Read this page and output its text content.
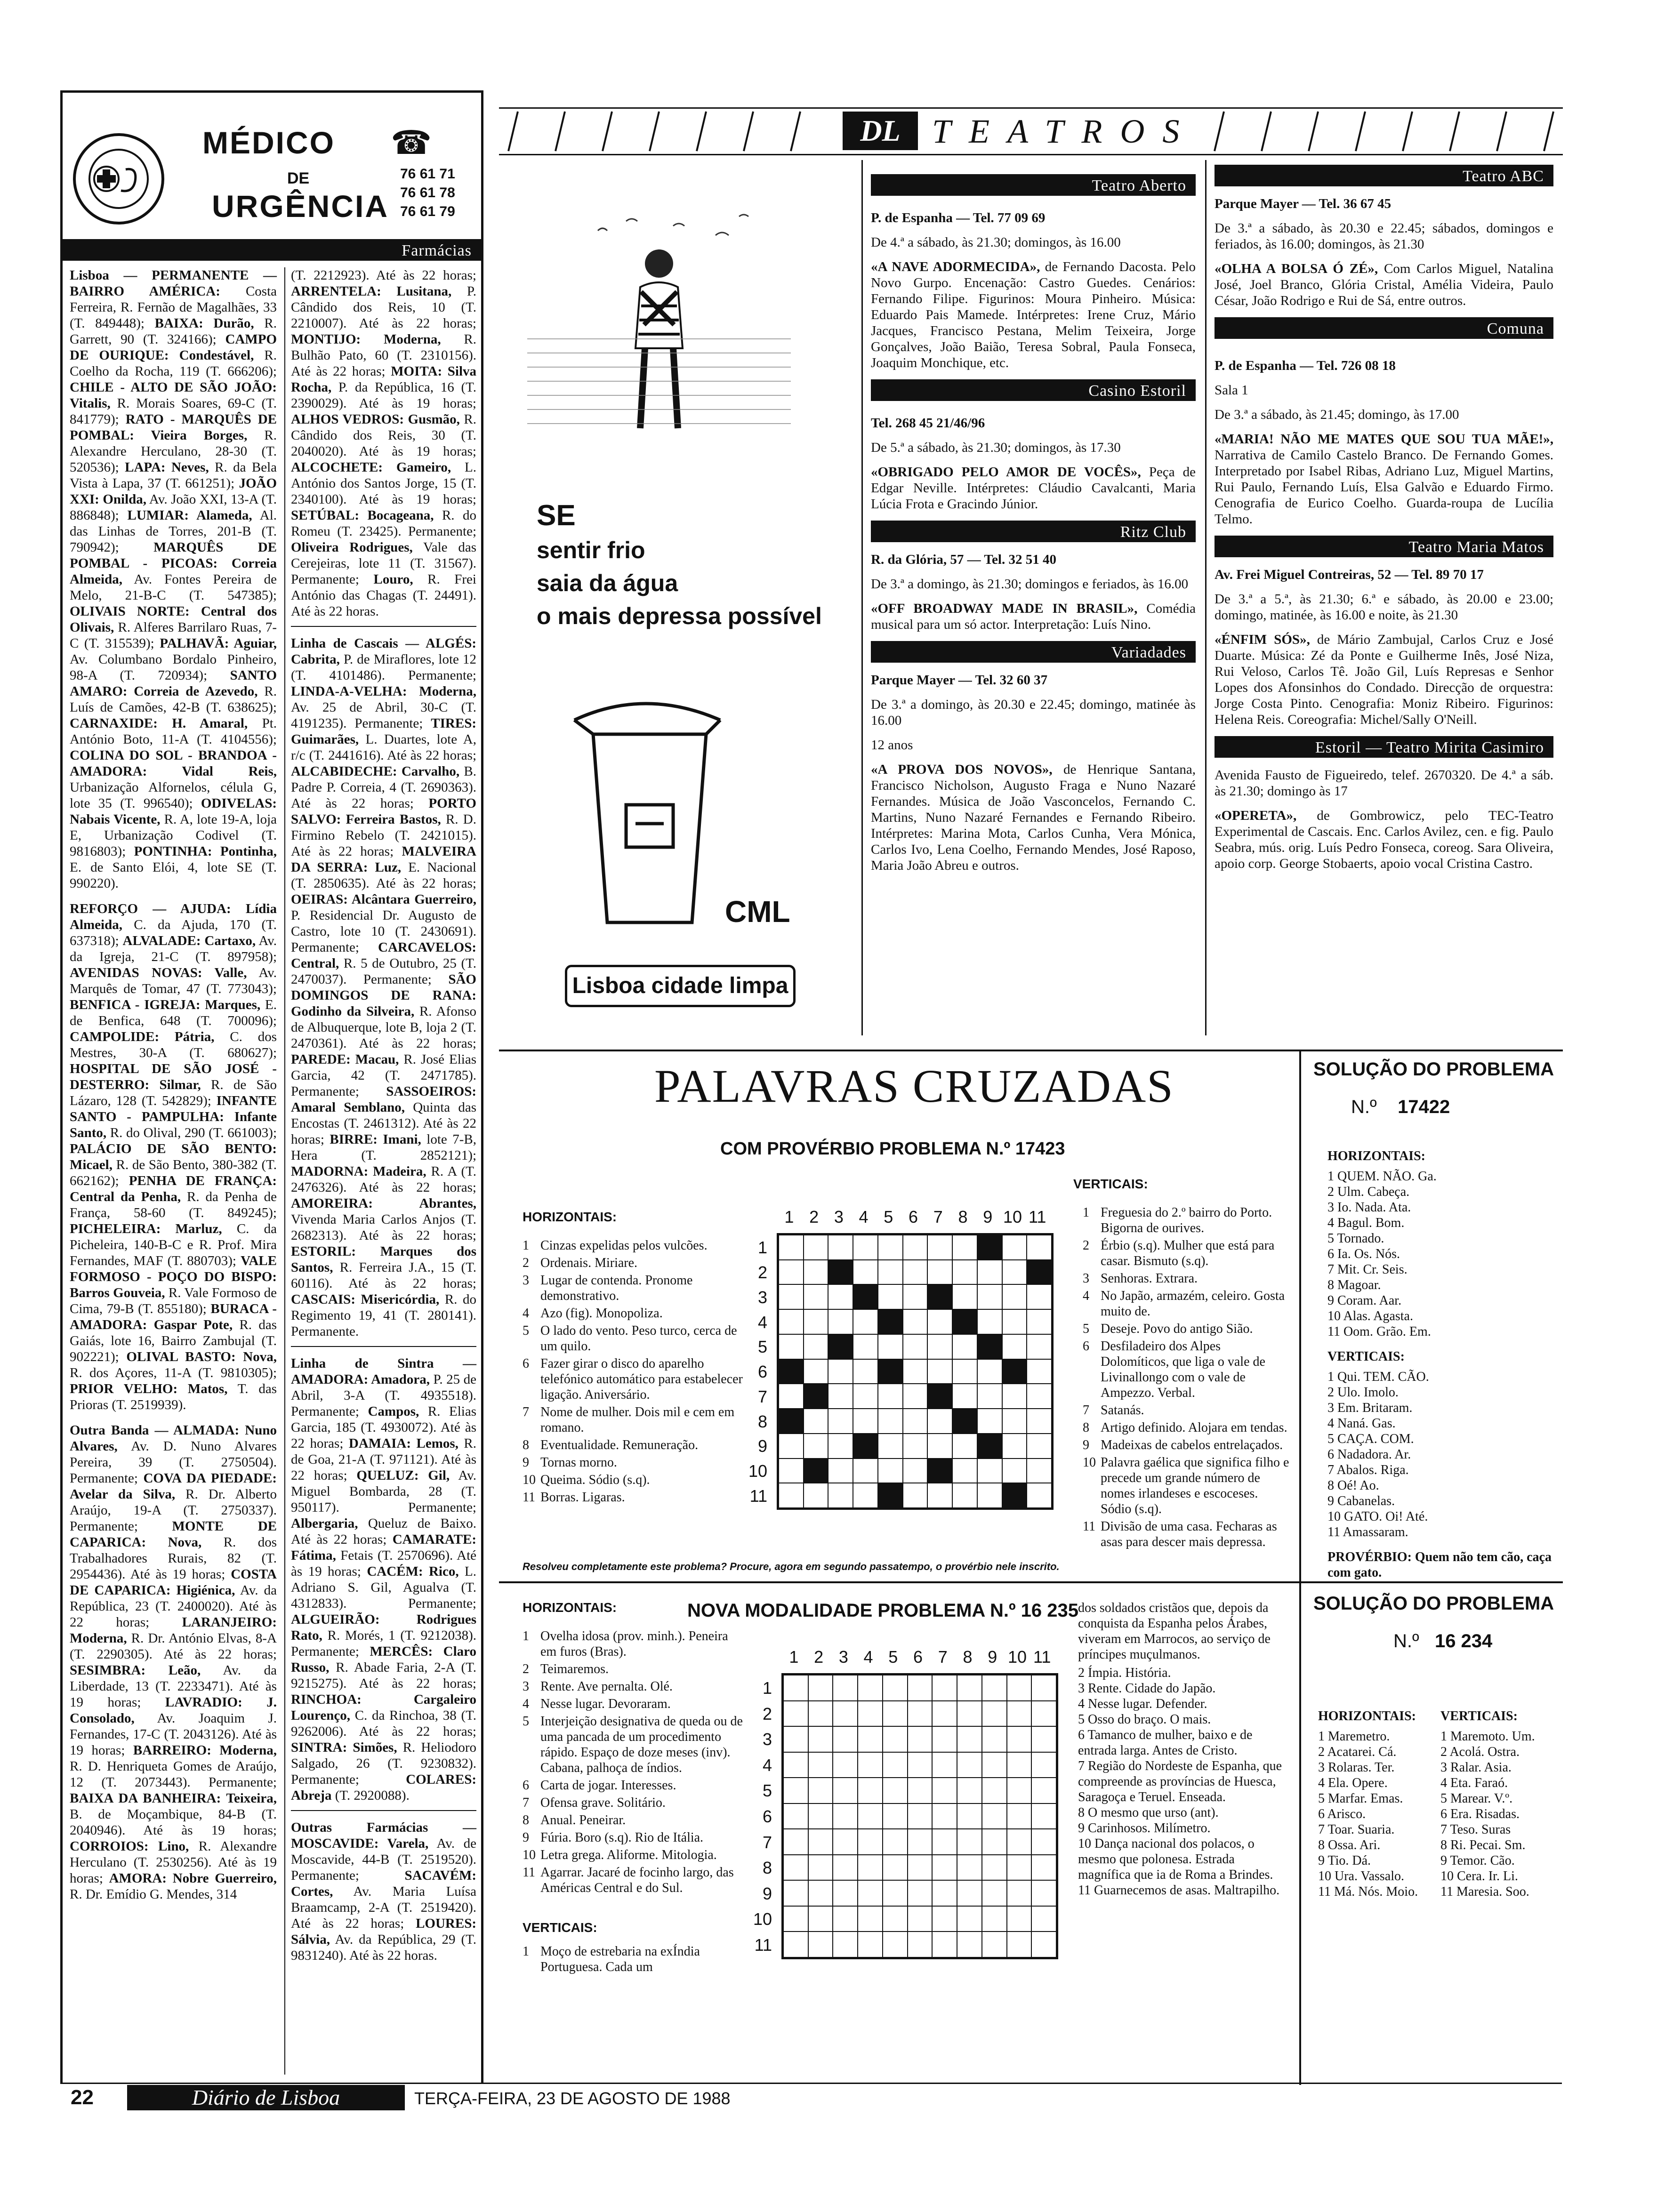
MÉDICO ☎
DE
URGÊNCIA
76 61 71
76 61 78
76 61 79
Farmácias

Lisboa — PERMANENTE — BAIRRO AMÉRICA: Costa Ferreira, R. Fernão de Magalhães, 33 (T. 849448); BAIXA: Durão, R. Garrett, 90 (T. 324166); CAMPO DE OURIQUE: Condestável, R. Coelho da Rocha, 119 (T. 666206); CHILE - ALTO DE SÃO JOÃO: Vitalis, R. Morais Soares, 69-C (T. 841779); RATO - MARQUÊS DE POMBAL: Vieira Borges, R. Alexandre Herculano, 28-30 (T. 520536); LAPA: Neves, R. da Bela Vista à Lapa, 37 (T. 661251); JOÃO XXI: Onilda, Av. João XXI, 13-A (T. 886848); LUMIAR: Alameda, Al. das Linhas de Torres, 201-B (T. 790942); MARQUÊS DE POMBAL - PICOAS: Correia Almeida, Av. Fontes Pereira de Melo, 21-B-C (T. 547385); OLIVAIS NORTE: Central dos Olivais, R. Alferes Barrilaro Ruas, 7-C (T. 315539); PALHAVÃ: Aguiar, Av. Columbano Bordalo Pinheiro, 98-A (T. 720934); SANTO AMARO: Correia de Azevedo, R. Luís de Camões, 42-B (T. 638625); CARNAXIDE: H. Amaral, Pt. António Boto, 11-A (T. 4104556); COLINA DO SOL - BRANDOA - AMADORA: Vidal Reis, Urbanização Alfornelos, célula G, lote 35 (T. 996540); ODIVELAS: Nabais Vicente, R. A, lote 19-A, loja E, Urbanização Codivel (T. 9816803); PONTINHA: Pontinha, E. de Santo Elói, 4, lote SE (T. 990220).

REFORÇO — AJUDA: Lídia Almeida, C. da Ajuda, 170 (T. 637318); ALVALADE: Cartaxo, Av. da Igreja, 21-C (T. 897958); AVENIDAS NOVAS: Valle, Av. Marquês de Tomar, 47 (T. 773043); BENFICA - IGREJA: Marques, E. de Benfica, 648 (T. 700096); CAMPOLIDE: Pátria, C. dos Mestres, 30-A (T. 680627); HOSPITAL DE SÃO JOSÉ - DESTERRO: Silmar, R. de São Lázaro, 128 (T. 542829); INFANTE SANTO - PAMPULHA: Infante Santo, R. do Olival, 290 (T. 661003); PALÁCIO DE SÃO BENTO: Micael, R. de São Bento, 380-382 (T. 662162); PENHA DE FRANÇA: Central da Penha, R. da Penha de França, 58-60 (T. 849245); PICHELEIRA: Marluz, C. da Picheleira, 140-B-C e R. Prof. Mira Fernandes, MAF (T. 880703); VALE FORMOSO - POÇO DO BISPO: Barros Gouveia, R. Vale Formoso de Cima, 79-B (T. 855180); BURACA - AMADORA: Gaspar Pote, R. das Gaiás, lote 16, Bairro Zambujal (T. 902221); OLIVAL BASTO: Nova, R. dos Açores, 11-A (T. 9810305); PRIOR VELHO: Matos, T. das Prioras (T. 2519939).

Outra Banda — ALMADA: Nuno Alvares, Av. D. Nuno Alvares Pereira, 39 (T. 2750504). Permanente; COVA DA PIEDADE: Avelar da Silva, R. Dr. Alberto Araújo, 19-A (T. 2750337). Permanente; MONTE DE CAPARICA: Nova, R. dos Trabalhadores Rurais, 82 (T. 2954436). Até às 19 horas; COSTA DE CAPARICA: Higiénica, Av. da República, 23 (T. 2400020). Até às 22 horas; LARANJEIRO: Moderna, R. Dr. António Elvas, 8-A (T. 2290305). Até às 22 horas; SESIMBRA: Leão, Av. da Liberdade, 13 (T. 2233471). Até às 19 horas; LAVRADIO: J. Consolado, Av. Joaquim J. Fernandes, 17-C (T. 2043126). Até às 19 horas; BARREIRO: Moderna, R. D. Henriqueta Gomes de Araújo, 12 (T. 2073443). Permanente; BAIXA DA BANHEIRA: Teixeira, B. de Moçambique, 84-B (T. 2040946). Até às 19 horas; CORROIOS: Lino, R. Alexandre Herculano (T. 2530256). Até às 19 horas; AMORA: Nobre Guerreiro, R. Dr. Emídio G. Mendes, 314

(T. 2212923). Até às 22 horas; ARRENTELA: Lusitana, P. Cândido dos Reis, 10 (T. 2210007). Até às 22 horas; MONTIJO: Moderna, R. Bulhão Pato, 60 (T. 2310156). Até às 22 horas; MOITA: Silva Rocha, P. da República, 16 (T. 2390029). Até às 19 horas; ALHOS VEDROS: Gusmão, R. Cândido dos Reis, 30 (T. 2040020). Até às 19 horas; ALCOCHETE: Gameiro, L. António dos Santos Jorge, 15 (T. 2340100). Até às 19 horas; SETÚBAL: Bocageana, R. do Romeu (T. 23425). Permanente; Oliveira Rodrigues, Vale das Cerejeiras, lote 11 (T. 31567). Permanente; Louro, R. Frei António das Chagas (T. 24491). Até às 22 horas.

Linha de Cascais — ALGÉS: Cabrita, P. de Miraflores, lote 12 (T. 4101486). Permanente; LINDA-A-VELHA: Moderna, Av. 25 de Abril, 30-C (T. 4191235). Permanente; TIRES: Guimarães, L. Duartes, lote A, r/c (T. 2441616). Até às 22 horas; ALCABIDECHE: Carvalho, B. Padre P. Correia, 4 (T. 2690363). Até às 22 horas; PORTO SALVO: Ferreira Bastos, R. D. Firmino Rebelo (T. 2421015). Até às 22 horas; MALVEIRA DA SERRA: Luz, E. Nacional (T. 2850635). Até às 22 horas; OEIRAS: Alcântara Guerreiro, P. Residencial Dr. Augusto de Castro, lote 10 (T. 2430691). Permanente; CARCAVELOS: Central, R. 5 de Outubro, 25 (T. 2470037). Permanente; SÃO DOMINGOS DE RANA: Godinho da Silveira, R. Afonso de Albuquerque, lote B, loja 2 (T. 2470361). Até às 22 horas; PAREDE: Macau, R. José Elias Garcia, 42 (T. 2471785). Permanente; SASSOEIROS: Amaral Semblano, Quinta das Encostas (T. 2461312). Até às 22 horas; BIRRE: Imani, lote 7-B, Hera (T. 2852121); MADORNA: Madeira, R. A (T. 2476326). Até às 22 horas; AMOREIRA: Abrantes, Vivenda Maria Carlos Anjos (T. 2682313). Até às 22 horas; ESTORIL: Marques dos Santos, R. Ferreira J.A., 15 (T. 60116). Até às 22 horas; CASCAIS: Misericórdia, R. do Regimento 19, 41 (T. 280141). Permanente.

Linha de Sintra — AMADORA: Amadora, P. 25 de Abril, 3-A (T. 4935518). Permanente; Campos, R. Elias Garcia, 185 (T. 4930072). Até às 22 horas; DAMAIA: Lemos, R. de Goa, 21-A (T. 971121). Até às 22 horas; QUELUZ: Gil, Av. Miguel Bombarda, 28 (T. 950117). Permanente; Albergaria, Queluz de Baixo. Até às 22 horas; CAMARATE: Fátima, Fetais (T. 2570696). Até às 19 horas; CACÉM: Rico, L. Adriano S. Gil, Agualva (T. 4312833). Permanente; ALGUEIRÃO: Rodrigues Rato, R. Morés, 1 (T. 9212038). Permanente; MERCÊS: Claro Russo, R. Abade Faria, 2-A (T. 9215275). Até às 22 horas; RINCHOA: Cargaleiro Lourenço, C. da Rinchoa, 38 (T. 9262006). Até às 22 horas; SINTRA: Simões, R. Heliodoro Salgado, 26 (T. 9230832). Permanente; COLARES: Abreja (T. 2920088).

Outras Farmácias — MOSCAVIDE: Varela, Av. de Moscavide, 44-B (T. 2519520). Permanente; SACAVÉM: Cortes, Av. Maria Luísa Braamcamp, 2-A (T. 2519420). Até às 22 horas; LOURES: Sálvia, Av. da República, 29 (T. 9831240). Até às 22 horas.

DL TEATROS
SE
sentir frio
saia da água
o mais depressa possível
CML
Lisboa cidade limpa
Teatro Aberto

P. de Espanha — Tel. 77 09 69

De 4.ª a sábado, às 21.30; domingos, às 16.00

«A NAVE ADORMECIDA», de Fernando Dacosta. Pelo Novo Gurpo. Encenação: Castro Guedes. Cenários: Fernando Filipe. Figurinos: Moura Pinheiro. Música: Eduardo Pais Mamede. Intérpretes: Irene Cruz, Mário Jacques, Francisco Pestana, Melim Teixeira, Jorge Gonçalves, João Baião, Teresa Sobral, Paula Fonseca, Joaquim Monchique, etc.

Casino Estoril

Tel. 268 45 21/46/96

De 5.ª a sábado, às 21.30; domingos, às 17.30

«OBRIGADO PELO AMOR DE VOCÊS», Peça de Edgar Neville. Intérpretes: Cláudio Cavalcanti, Maria Lúcia Frota e Gracindo Júnior.

Ritz Club

R. da Glória, 57 — Tel. 32 51 40

De 3.ª a domingo, às 21.30; domingos e feriados, às 16.00

«OFF BROADWAY MADE IN BRASIL», Comédia musical para um só actor. Interpretação: Luís Nino.

Variadades

Parque Mayer — Tel. 32 60 37

De 3.ª a domingo, às 20.30 e 22.45; domingo, matinée às 16.00

12 anos

«A PROVA DOS NOVOS», de Henrique Santana, Francisco Nicholson, Augusto Fraga e Nuno Nazaré Fernandes. Música de João Vasconcelos, Fernando C. Martins, Nuno Nazaré Fernandes e Fernando Ribeiro. Intérpretes: Marina Mota, Carlos Cunha, Vera Mónica, Carlos Ivo, Lena Coelho, Fernando Mendes, José Raposo, Maria João Abreu e outros.

Teatro ABC

Parque Mayer — Tel. 36 67 45

De 3.ª a sábado, às 20.30 e 22.45; sábados, domingos e feriados, às 16.00; domingos, às 21.30

«OLHA A BOLSA Ó ZÉ», Com Carlos Miguel, Natalina José, Joel Branco, Glória Cristal, Amélia Videira, Paulo César, João Rodrigo e Rui de Sá, entre outros.

Comuna

P. de Espanha — Tel. 726 08 18

Sala 1

De 3.ª a sábado, às 21.45; domingo, às 17.00

«MARIA! NÃO ME MATES QUE SOU TUA MÃE!», Narrativa de Camilo Castelo Branco. De Fernando Gomes. Interpretado por Isabel Ribas, Adriano Luz, Miguel Martins, Rui Paulo, Fernando Luís, Elsa Galvão e Eduardo Firmo. Cenografia de Eurico Coelho. Guarda-roupa de Lucília Telmo.

Teatro Maria Matos

Av. Frei Miguel Contreiras, 52 — Tel. 89 70 17

De 3.ª a 5.ª, às 21.30; 6.ª e sábado, às 20.00 e 23.00; domingo, matinée, às 16.00 e noite, às 21.30

«ÉNFIM SÓS», de Mário Zambujal, Carlos Cruz e José Duarte. Música: Zé da Ponte e Guilherme Inês, José Niza, Rui Veloso, Carlos Tê. João Gil, Luís Represas e Senhor Lopes dos Afonsinhos do Condado. Direcção de orquestra: Jorge Costa Pinto. Cenografia: Moniz Ribeiro. Figurinos: Helena Reis. Coreografia: Michel/Sally O'Neill.

Estoril — Teatro Mirita Casimiro

Avenida Fausto de Figueiredo, telef. 2670320. De 4.ª a sáb. às 21.30; domingo às 17

«OPERETA», de Gombrowicz, pelo TEC-Teatro Experimental de Cascais. Enc. Carlos Avilez, cen. e fig. Paulo Seabra, mús. orig. Luís Pedro Fonseca, coreog. Sara Oliveira, apoio corp. George Stobaerts, apoio vocal Cristina Castro.

PALAVRAS CRUZADAS
COM PROVÉRBIO PROBLEMA N.º 17423
HORIZONTAIS:
1 Cinzas expelidas pelos vulcões.
2 Ordenais. Miriare.
3 Lugar de contenda. Pronome demonstrativo.
4 Azo (fig). Monopoliza.
5 O lado do vento. Peso turco, cerca de um quilo.
6 Fazer girar o disco do aparelho telefónico automático para estabelecer ligação. Aniversário.
7 Nome de mulher. Dois mil e cem em romano.
8 Eventualidade. Remuneração.
9 Tornas morno.
10 Queima. Sódio (s.q).
11 Borras. Ligaras.
1 2 3 4 5 6 7 8 9 10 11
1
2
3
4
5
6
7
8
9
10
11
VERTICAIS:
1 Freguesia do 2.º bairro do Porto. Bigorna de ourives.
2 Érbio (s.q). Mulher que está para casar. Bismuto (s.q).
3 Senhoras. Extrara.
4 No Japão, armazém, celeiro. Gosta muito de.
5 Deseje. Povo do antigo Sião.
6 Desfiladeiro dos Alpes Dolomíticos, que liga o vale de Livinallongo com o vale de Ampezzo. Verbal.
7 Satanás.
8 Artigo definido. Alojara em tendas.
9 Madeixas de cabelos entrelaçados.
10 Palavra gaélica que significa filho e precede um grande número de nomes irlandeses e escoceses. Sódio (s.q).
11 Divisão de uma casa. Fecharas as asas para descer mais depressa.
Resolveu completamente este problema? Procure, agora em segundo passatempo, o provérbio nele inscrito.
SOLUÇÃO DO PROBLEMA
N.º 17422
HORIZONTAIS:
1 QUEM. NÃO. Ga.
2 Ulm. Cabeça.
3 Io. Nada. Ata.
4 Bagul. Bom.
5 Tornado.
6 Ia. Os. Nós.
7 Mit. Cr. Seis.
8 Magoar.
9 Coram. Aar.
10 Alas. Agasta.
11 Oom. Grão. Em.
VERTICAIS:
1 Qui. TEM. CÃO.
2 Ulo. Imolo.
3 Em. Britaram.
4 Naná. Gas.
5 CAÇA. COM.
6 Nadadora. Ar.
7 Abalos. Riga.
8 Oé! Ao.
9 Cabanelas.
10 GATO. Oi! Até.
11 Amassaram.
PROVÉRBIO: Quem não tem cão, caça com gato.
NOVA MODALIDADE PROBLEMA N.º 16 235
HORIZONTAIS:
1 Ovelha idosa (prov. minh.). Peneira em furos (Bras).
2 Teimaremos.
3 Rente. Ave pernalta. Olé.
4 Nesse lugar. Devoraram.
5 Interjeição designativa de queda ou de uma pancada de um procedimento rápido. Espaço de doze meses (inv). Cabana, palhoça de índios.
6 Carta de jogar. Interesses.
7 Ofensa grave. Solitário.
8 Anual. Peneirar.
9 Fúria. Boro (s.q). Rio de Itália.
10 Letra grega. Aliforme. Mitologia.
11 Agarrar. Jacaré de focinho largo, das Américas Central e do Sul.
VERTICAIS:
1 Moço de estrebaria na exÍndia Portuguesa. Cada um
1 2 3 4 5 6 7 8 9 10 11
1
2
3
4
5
6
7
8
9
10
11
dos soldados cristãos que, depois da conquista da Espanha pelos Árabes, viveram em Marrocos, ao serviço de príncipes muçulmanos.
2 Ímpia. História.
3 Rente. Cidade do Japão.
4 Nesse lugar. Defender.
5 Osso do braço. O mais.
6 Tamanco de mulher, baixo e de entrada larga. Antes de Cristo.
7 Região do Nordeste de Espanha, que compreende as províncias de Huesca, Saragoça e Teruel. Enseada.
8 O mesmo que urso (ant).
9 Carinhosos. Milímetro.
10 Dança nacional dos polacos, o mesmo que polonesa. Estrada magnífica que ia de Roma a Brindes.
11 Guarnecemos de asas. Maltrapilho.
SOLUÇÃO DO PROBLEMA
N.º 16 234
HORIZONTAIS:
1 Maremetro.
2 Acatarei. Cá.
3 Rolaras. Ter.
4 Ela. Opere.
5 Marfar. Emas.
6 Arisco.
7 Toar. Suaria.
8 Ossa. Ari.
9 Tio. Dá.
10 Ura. Vassalo.
11 Má. Nós. Moio.
VERTICAIS:
1 Maremoto. Um.
2 Acolá. Ostra.
3 Ralar. Asia.
4 Eta. Faraó.
5 Marear. V.º.
6 Era. Risadas.
7 Teso. Suras
8 Ri. Pecai. Sm.
9 Temor. Cão.
10 Cera. Ir. Li.
11 Maresia. Soo.
22	Diário de Lisboa	TERÇA-FEIRA, 23 DE AGOSTO DE 1988
